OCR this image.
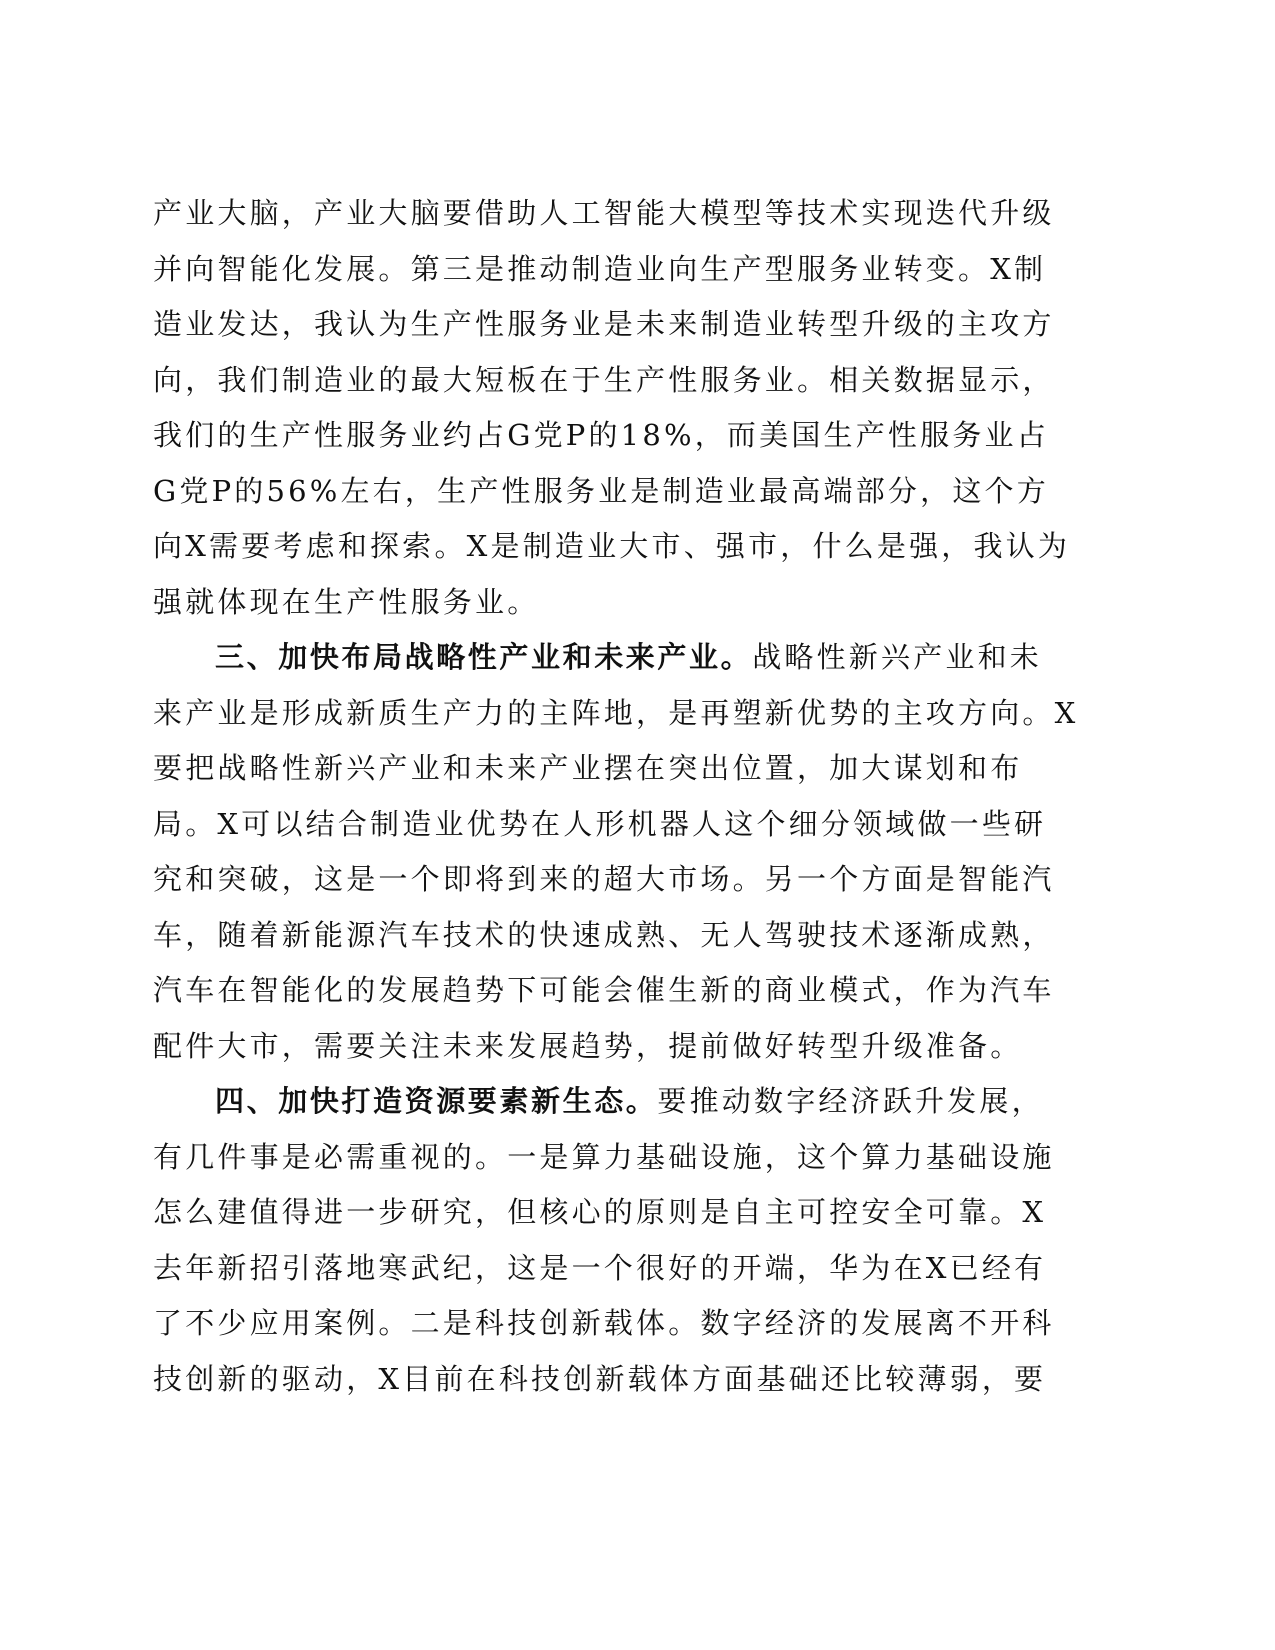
产业大脑，产业大脑要借助人工智能大模型等技术实现迭代升级
并向智能化发展。第三是推动制造业向生产型服务业转变。X制
造业发达，我认为生产性服务业是未来制造业转型升级的主攻方
向，我们制造业的最大短板在于生产性服务业。相关数据显示，
我们的生产性服务业约占G党P的18%，而美国生产性服务业占
G党P的56%左右，生产性服务业是制造业最高端部分，这个方
向X需要考虑和探索。X是制造业大市、强市，什么是强，我认为
强就体现在生产性服务业。
三、加快布局战略性产业和未来产业。战略性新兴产业和未
来产业是形成新质生产力的主阵地，是再塑新优势的主攻方向。X
要把战略性新兴产业和未来产业摆在突出位置，加大谋划和布
局。X可以结合制造业优势在人形机器人这个细分领域做一些研
究和突破，这是一个即将到来的超大市场。另一个方面是智能汽
车，随着新能源汽车技术的快速成熟、无人驾驶技术逐渐成熟，
汽车在智能化的发展趋势下可能会催生新的商业模式，作为汽车
配件大市，需要关注未来发展趋势，提前做好转型升级准备。
四、加快打造资源要素新生态。要推动数字经济跃升发展，
有几件事是必需重视的。一是算力基础设施，这个算力基础设施
怎么建值得进一步研究，但核心的原则是自主可控安全可靠。X
去年新招引落地寒武纪，这是一个很好的开端，华为在X已经有
了不少应用案例。二是科技创新载体。数字经济的发展离不开科
技创新的驱动，X目前在科技创新载体方面基础还比较薄弱，要
